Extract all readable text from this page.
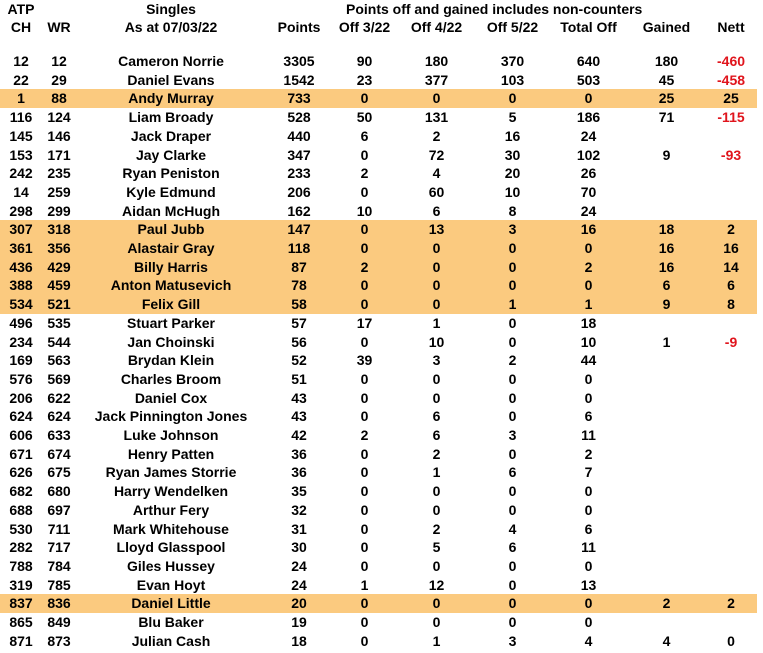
ATP		Singles		Points off and gained includes non-counters					
CH	WR	As at 07/03/22	Points	Off 3/22	Off 4/22	Off 5/22	Total Off	Gained	Nett

12	12	Cameron Norrie	3305	90	180	370	640	180	-460
22	29	Daniel Evans	1542	23	377	103	503	45	-458
1	88	Andy Murray	733	0	0	0	0	25	25
116	124	Liam Broady	528	50	131	5	186	71	-115
145	146	Jack Draper	440	6	2	16	24		
153	171	Jay Clarke	347	0	72	30	102	9	-93
242	235	Ryan Peniston	233	2	4	20	26		
14	259	Kyle Edmund	206	0	60	10	70		
298	299	Aidan McHugh	162	10	6	8	24		
307	318	Paul Jubb	147	0	13	3	16	18	2
361	356	Alastair Gray	118	0	0	0	0	16	16
436	429	Billy Harris	87	2	0	0	2	16	14
388	459	Anton Matusevich	78	0	0	0	0	6	6
534	521	Felix Gill	58	0	0	1	1	9	8
496	535	Stuart Parker	57	17	1	0	18		
234	544	Jan Choinski	56	0	10	0	10	1	-9
169	563	Brydan Klein	52	39	3	2	44		
576	569	Charles Broom	51	0	0	0	0		
206	622	Daniel Cox	43	0	0	0	0		
624	624	Jack Pinnington Jones	43	0	6	0	6		
606	633	Luke Johnson	42	2	6	3	11		
671	674	Henry Patten	36	0	2	0	2		
626	675	Ryan James Storrie	36	0	1	6	7		
682	680	Harry Wendelken	35	0	0	0	0		
688	697	Arthur Fery	32	0	0	0	0		
530	711	Mark Whitehouse	31	0	2	4	6		
282	717	Lloyd Glasspool	30	0	5	6	11		
788	784	Giles Hussey	24	0	0	0	0		
319	785	Evan Hoyt	24	1	12	0	13		
837	836	Daniel Little	20	0	0	0	0	2	2
865	849	Blu Baker	19	0	0	0	0		
871	873	Julian Cash	18	0	1	3	4	4	0
